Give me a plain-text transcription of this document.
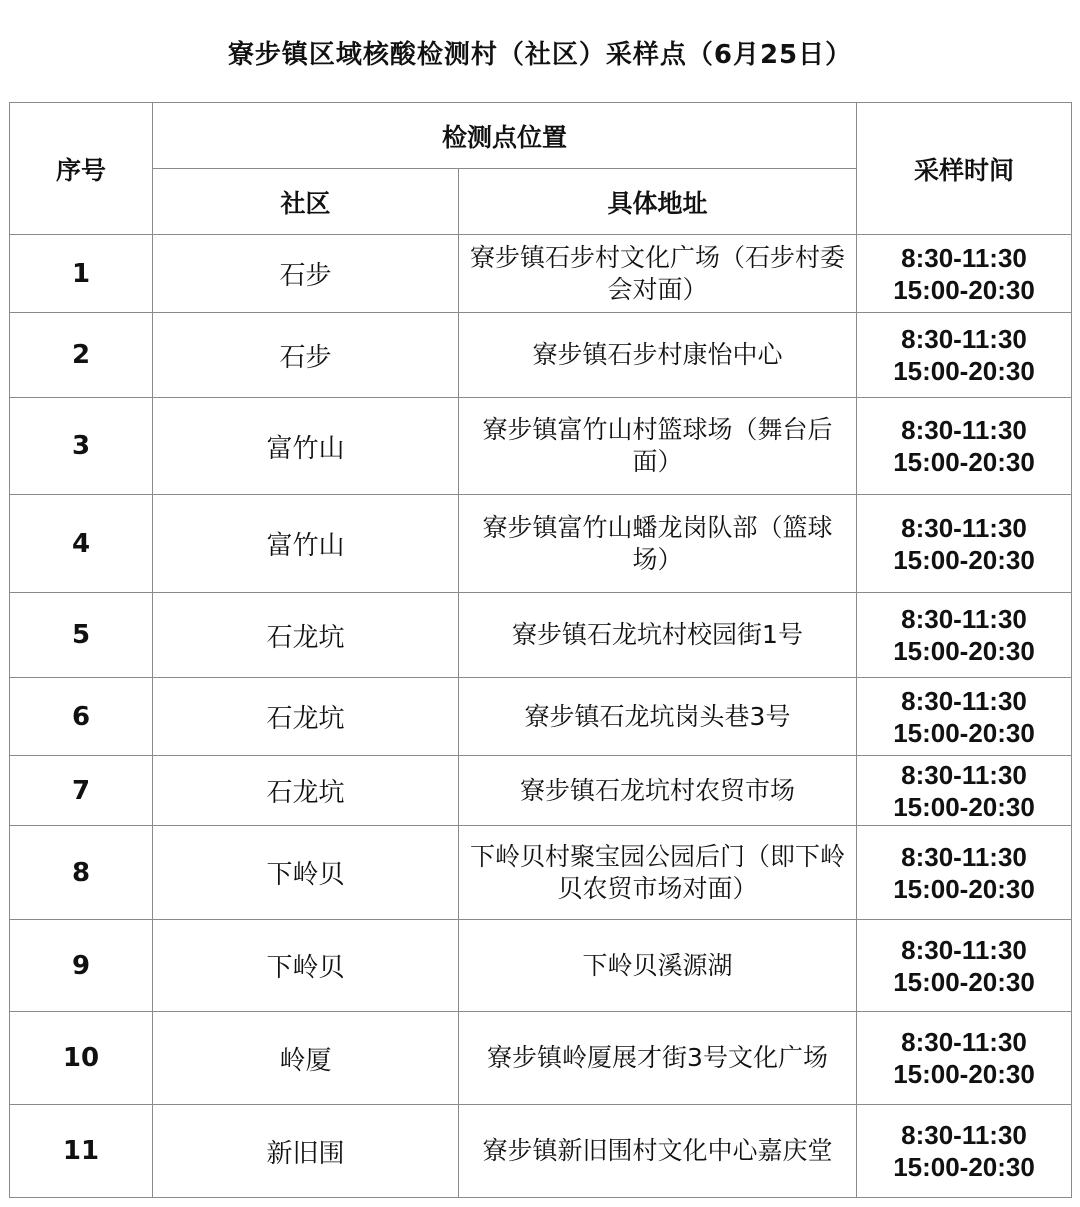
寮步镇区域核酸检测村（社区）采样点（6月25日）
序号	检测点位置		采样时间
	社区	具体地址	
1	石步	寮步镇石步村文化广场（石步村委会对面）	8:30-11:30
15:00-20:30

2	石步	寮步镇石步村康怡中心	8:30-11:30
15:00-20:30

3	富竹山	寮步镇富竹山村篮球场（舞台后面）	8:30-11:30
15:00-20:30

4	富竹山	寮步镇富竹山蟠龙岗队部（篮球场）	8:30-11:30
15:00-20:30

5	石龙坑	寮步镇石龙坑村校园街1号	8:30-11:30
15:00-20:30

6	石龙坑	寮步镇石龙坑岗头巷3号	8:30-11:30
15:00-20:30

7	石龙坑	寮步镇石龙坑村农贸市场	8:30-11:30
15:00-20:30

8	下岭贝	下岭贝村聚宝园公园后门（即下岭贝农贸市场对面）	8:30-11:30
15:00-20:30

9	下岭贝	下岭贝溪源湖	8:30-11:30
15:00-20:30

10	岭厦	寮步镇岭厦展才街3号文化广场	8:30-11:30
15:00-20:30

11	新旧围	寮步镇新旧围村文化中心嘉庆堂	8:30-11:30
15:00-20:30
